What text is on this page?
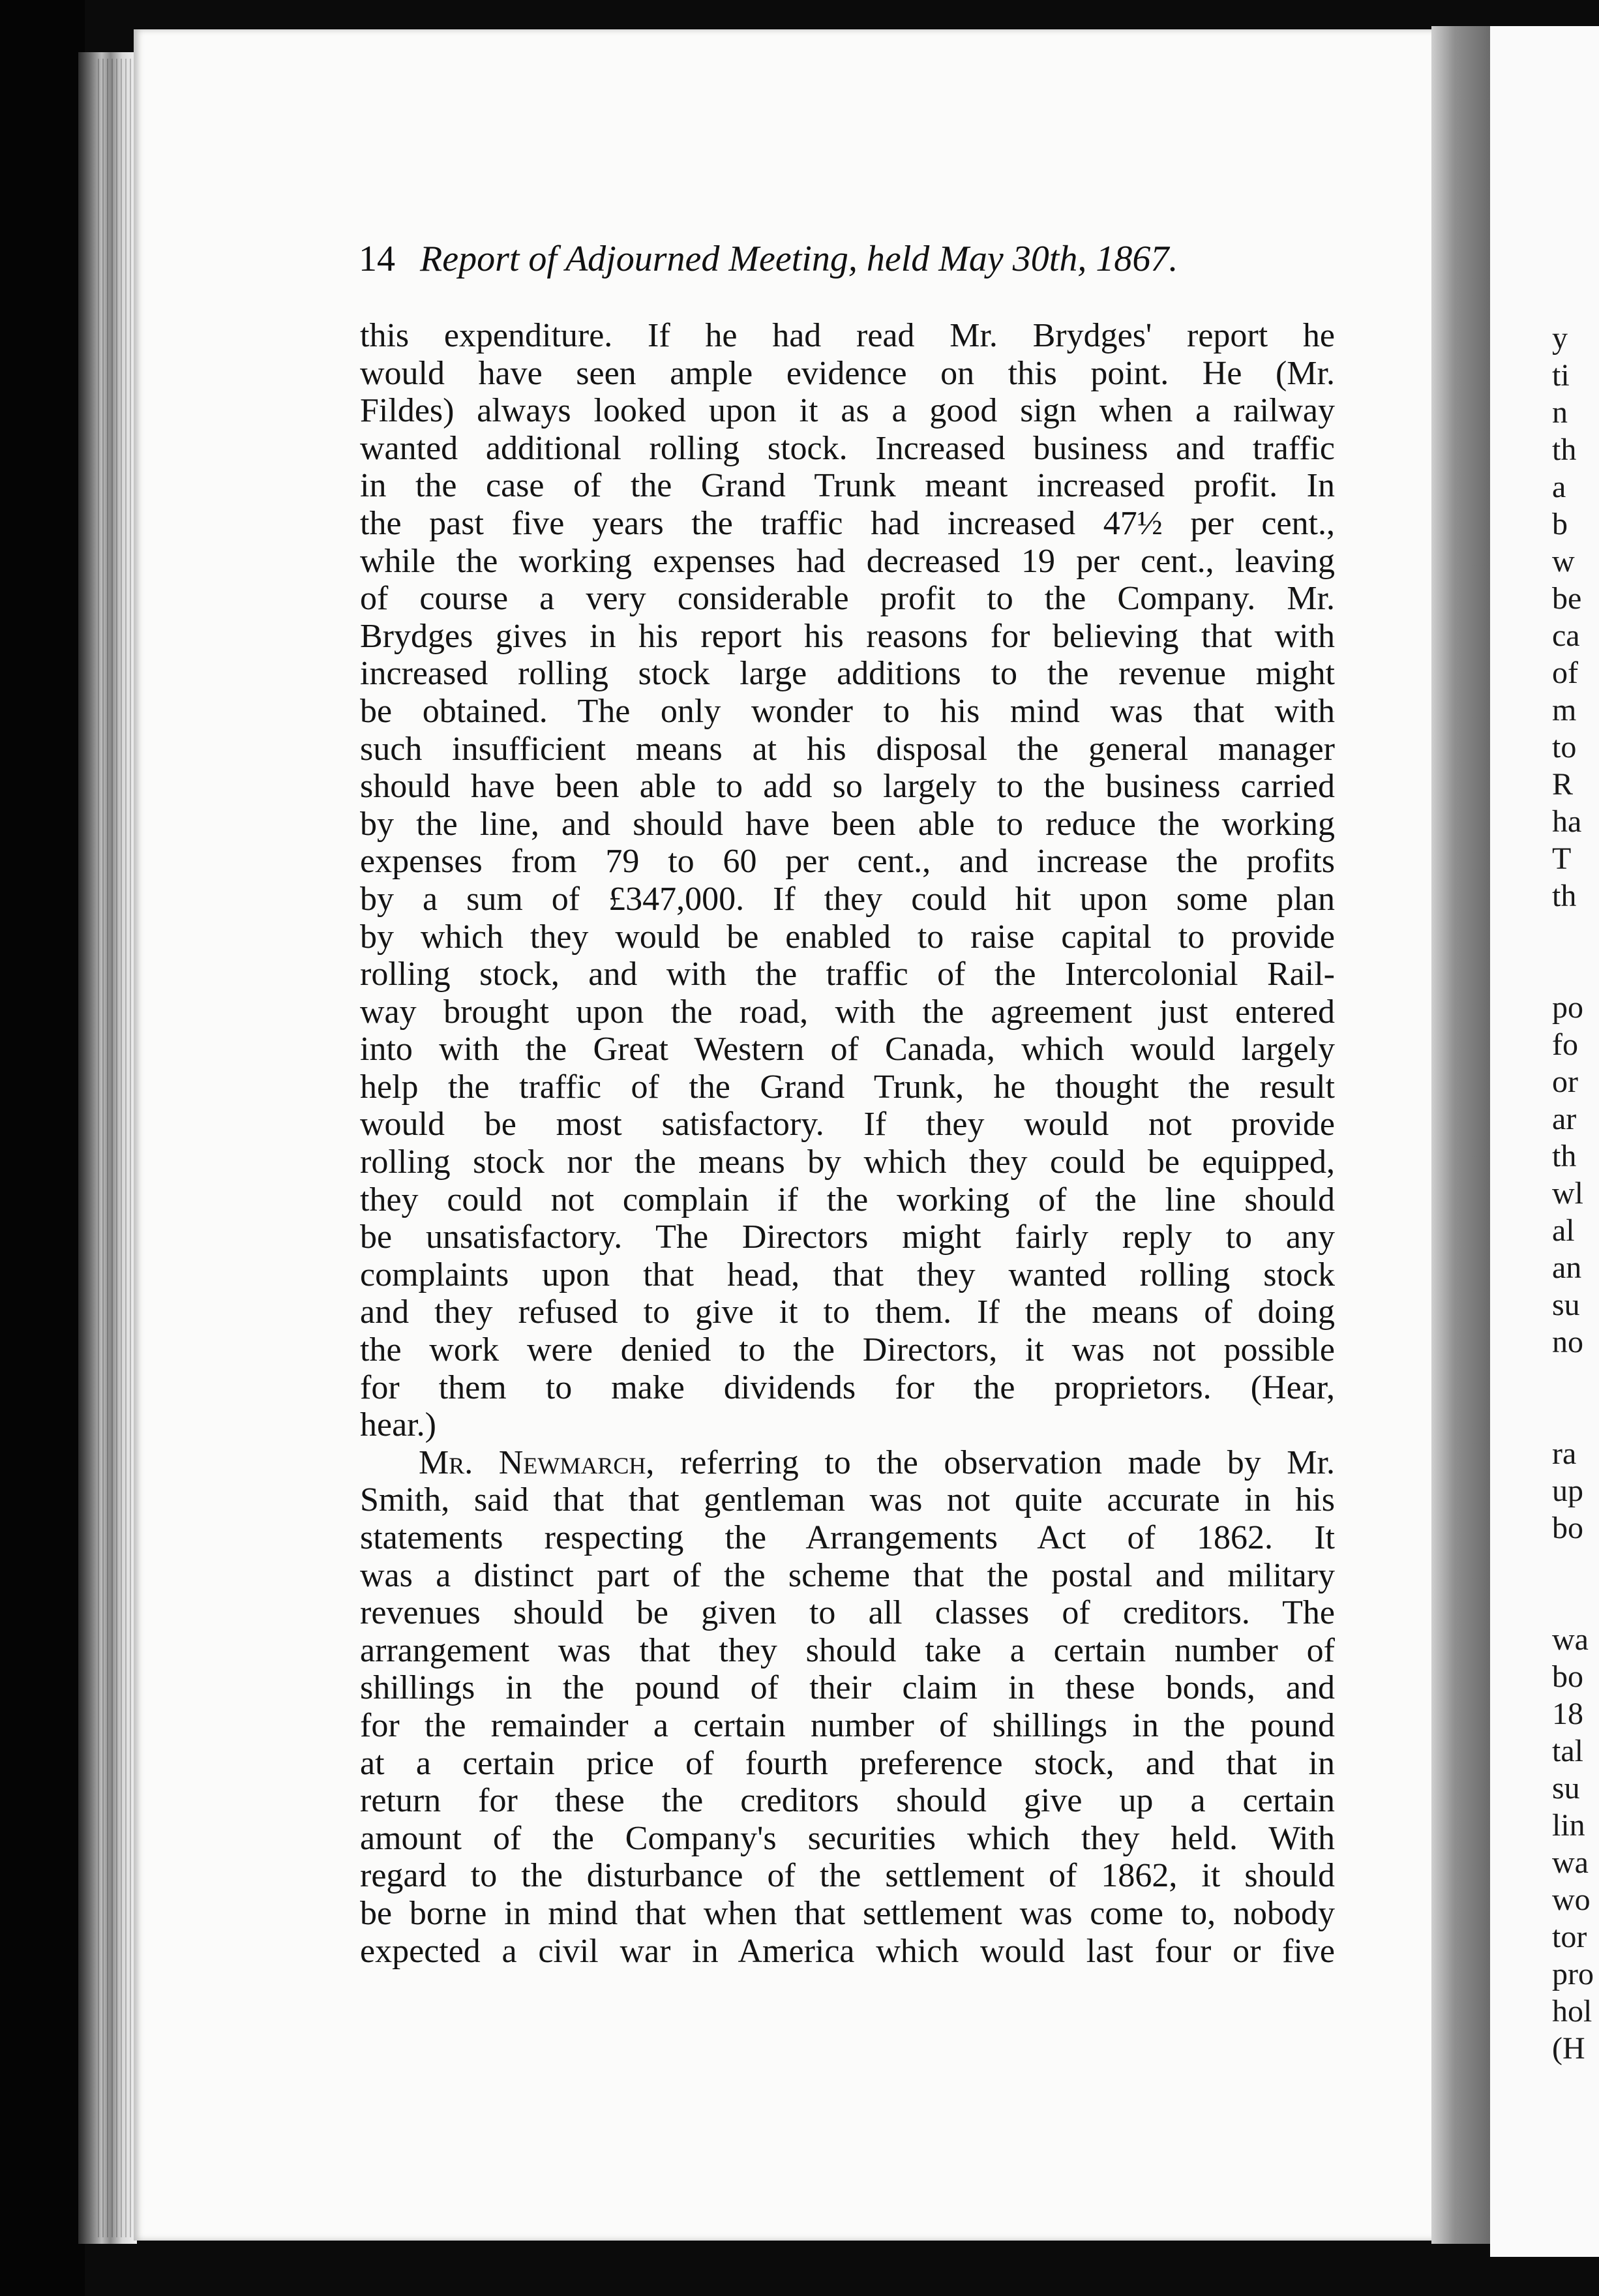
y
ti
n
th
a
b
w
be
ca
of
m
to
R
ha
T
th
po
fo
or
ar
th
wl
al
an
su
no
ra
up
bo
wa
bo
18
tal
su
lin
wa
wo
tor
pro
hol
(H
14 Report of Adjourned Meeting, held May 30th, 1867.
this expenditure. If he had read Mr. Brydges' report he
would have seen ample evidence on this point. He (Mr.
Fildes) always looked upon it as a good sign when a railway
wanted additional rolling stock. Increased business and traffic
in the case of the Grand Trunk meant increased profit. In
the past five years the traffic had increased 47½ per cent.,
while the working expenses had decreased 19 per cent., leaving
of course a very considerable profit to the Company. Mr.
Brydges gives in his report his reasons for believing that with
increased rolling stock large additions to the revenue might
be obtained. The only wonder to his mind was that with
such insufficient means at his disposal the general manager
should have been able to add so largely to the business carried
by the line, and should have been able to reduce the working
expenses from 79 to 60 per cent., and increase the profits
by a sum of £347,000. If they could hit upon some plan
by which they would be enabled to raise capital to provide
rolling stock, and with the traffic of the Intercolonial Rail-
way brought upon the road, with the agreement just entered
into with the Great Western of Canada, which would largely
help the traffic of the Grand Trunk, he thought the result
would be most satisfactory. If they would not provide
rolling stock nor the means by which they could be equipped,
they could not complain if the working of the line should
be unsatisfactory. The Directors might fairly reply to any
complaints upon that head, that they wanted rolling stock
and they refused to give it to them. If the means of doing
the work were denied to the Directors, it was not possible
for them to make dividends for the proprietors. (Hear,
hear.)
Mr. Newmarch, referring to the observation made by Mr.
Smith, said that that gentleman was not quite accurate in his
statements respecting the Arrangements Act of 1862. It
was a distinct part of the scheme that the postal and military
revenues should be given to all classes of creditors. The
arrangement was that they should take a certain number of
shillings in the pound of their claim in these bonds, and
for the remainder a certain number of shillings in the pound
at a certain price of fourth preference stock, and that in
return for these the creditors should give up a certain
amount of the Company's securities which they held. With
regard to the disturbance of the settlement of 1862, it should
be borne in mind that when that settlement was come to, nobody
expected a civil war in America which would last four or five
